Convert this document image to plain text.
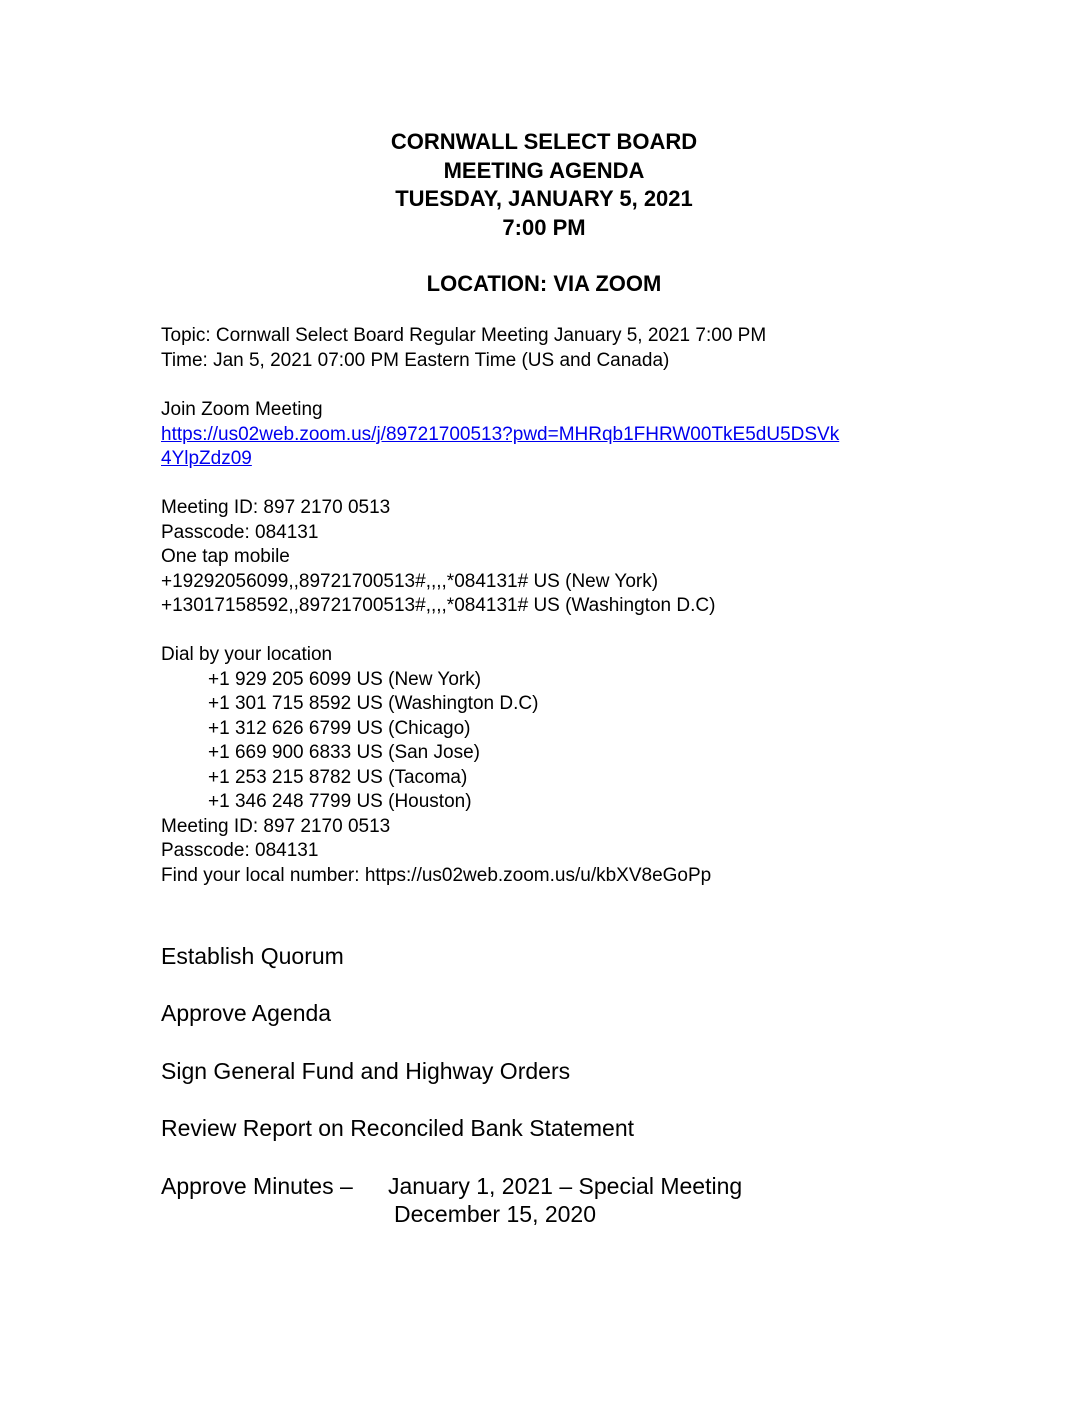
CORNWALL SELECT BOARD
MEETING AGENDA
TUESDAY, JANUARY 5, 2021
7:00 PM
LOCATION: VIA ZOOM
Topic: Cornwall Select Board Regular Meeting January 5, 2021 7:00 PM
Time: Jan 5, 2021 07:00 PM Eastern Time (US and Canada)
Join Zoom Meeting
https://us02web.zoom.us/j/89721700513?pwd=MHRqb1FHRW00TkE5dU5DSVk
4YlpZdz09
Meeting ID: 897 2170 0513
Passcode: 084131
One tap mobile
+19292056099,,89721700513#,,,,*084131# US (New York)
+13017158592,,89721700513#,,,,*084131# US (Washington D.C)
Dial by your location
+1 929 205 6099 US (New York)
+1 301 715 8592 US (Washington D.C)
+1 312 626 6799 US (Chicago)
+1 669 900 6833 US (San Jose)
+1 253 215 8782 US (Tacoma)
+1 346 248 7799 US (Houston)
Meeting ID: 897 2170 0513
Passcode: 084131
Find your local number: https://us02web.zoom.us/u/kbXV8eGoPp
Establish Quorum
Approve Agenda
Sign General Fund and Highway Orders
Review Report on Reconciled Bank Statement
Approve Minutes – January 1, 2021 – Special Meeting
December 15, 2020
